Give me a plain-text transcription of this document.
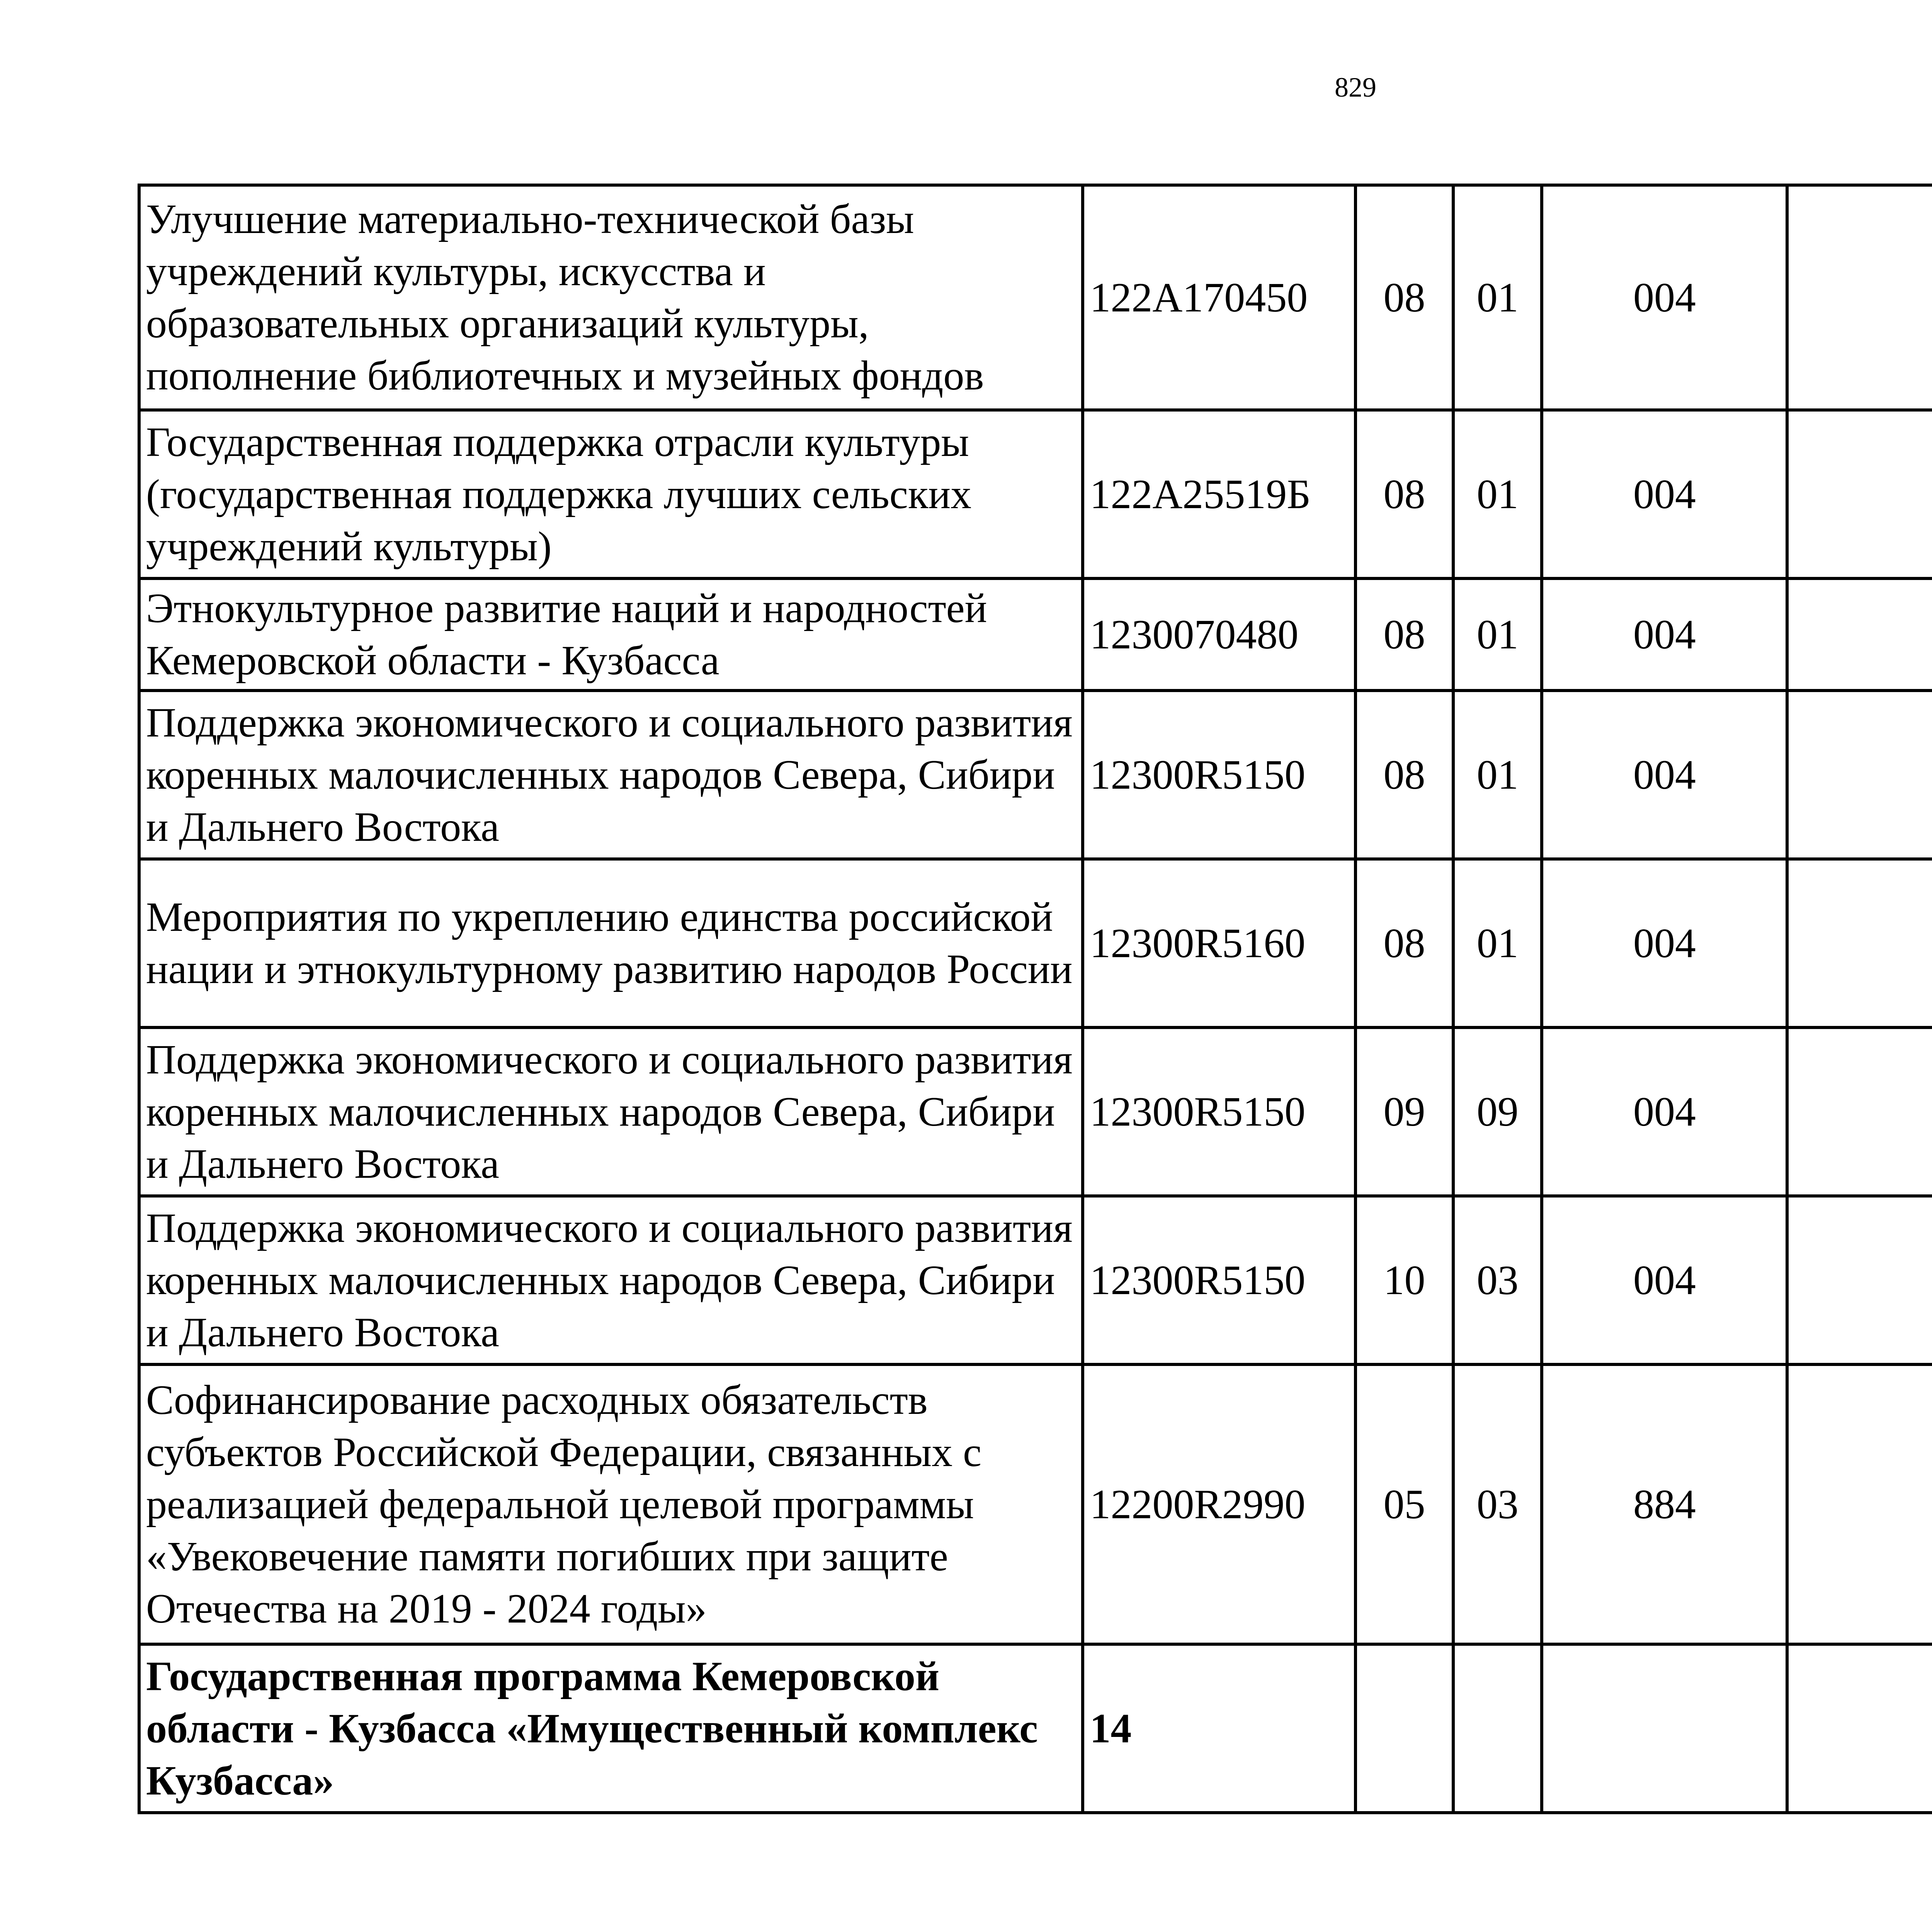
829
Улучшение материально-технической базы учреждений культуры, искусства и образовательных организаций культуры, пополнение библиотечных и музейных фондов	122A170450	08	01	004			
Государственная поддержка отрасли культуры (государственная поддержка лучших сельских учреждений культуры)	122A25519Б	08	01	004			
Этнокультурное развитие наций и народностей Кемеровской области - Кузбасса	1230070480	08	01	004			
Поддержка экономического и социального развития коренных малочисленных народов Севера, Сибири и Дальнего Востока	12300R5150	08	01	004			
Мероприятия по укреплению единства российской нации и этнокультурному развитию народов России	12300R5160	08	01	004			
Поддержка экономического и социального развития коренных малочисленных народов Севера, Сибири и Дальнего Востока	12300R5150	09	09	004			
Поддержка экономического и социального развития коренных малочисленных народов Севера, Сибири и Дальнего Востока	12300R5150	10	03	004			
Софинансирование расходных обязательств субъектов Российской Федерации, связанных с реализацией федеральной целевой программы «Увековечение памяти погибших при защите Отечества на 2019 - 2024 годы»	12200R2990	05	03	884			
Государственная программа Кемеровской области - Кузбасса «Имущественный комплекс Кузбасса»	14						
